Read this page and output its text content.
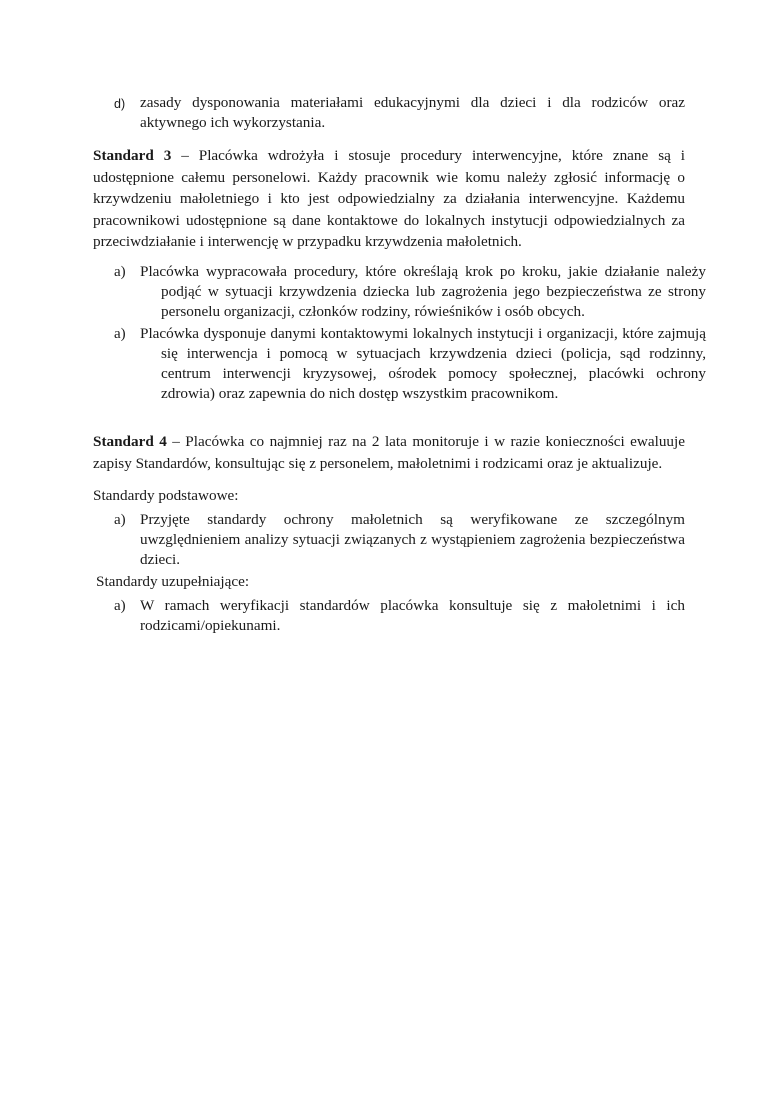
d) zasady dysponowania materiałami edukacyjnymi dla dzieci i dla rodziców oraz aktywnego ich wykorzystania.
Standard 3 – Placówka wdrożyła i stosuje procedury interwencyjne, które znane są i udostępnione całemu personelowi. Każdy pracownik wie komu należy zgłosić informację o krzywdzeniu małoletniego i kto jest odpowiedzialny za działania interwencyjne. Każdemu pracownikowi udostępnione są dane kontaktowe do lokalnych instytucji odpowiedzialnych za przeciwdziałanie i interwencję w przypadku krzywdzenia małoletnich.
a) Placówka wypracowała procedury, które określają krok po kroku, jakie działanie należy podjąć w sytuacji krzywdzenia dziecka lub zagrożenia jego bezpieczeństwa ze strony personelu organizacji, członków rodziny, rówieśników i osób obcych.
a) Placówka dysponuje danymi kontaktowymi lokalnych instytucji i organizacji, które zajmują się interwencja i pomocą w sytuacjach krzywdzenia dzieci (policja, sąd rodzinny, centrum interwencji kryzysowej, ośrodek pomocy społecznej, placówki ochrony zdrowia) oraz zapewnia do nich dostęp wszystkim pracownikom.
Standard 4 – Placówka co najmniej raz na 2 lata monitoruje i w razie konieczności ewaluuje zapisy Standardów, konsultując się z personelem, małoletnimi i rodzicami oraz je aktualizuje.
Standardy podstawowe:
a) Przyjęte standardy ochrony małoletnich są weryfikowane ze szczególnym uwzględnieniem analizy sytuacji związanych z wystąpieniem zagrożenia bezpieczeństwa dzieci.
Standardy uzupełniające:
a) W ramach weryfikacji standardów placówka konsultuje się z małoletnimi i ich rodzicami/opiekunami.
